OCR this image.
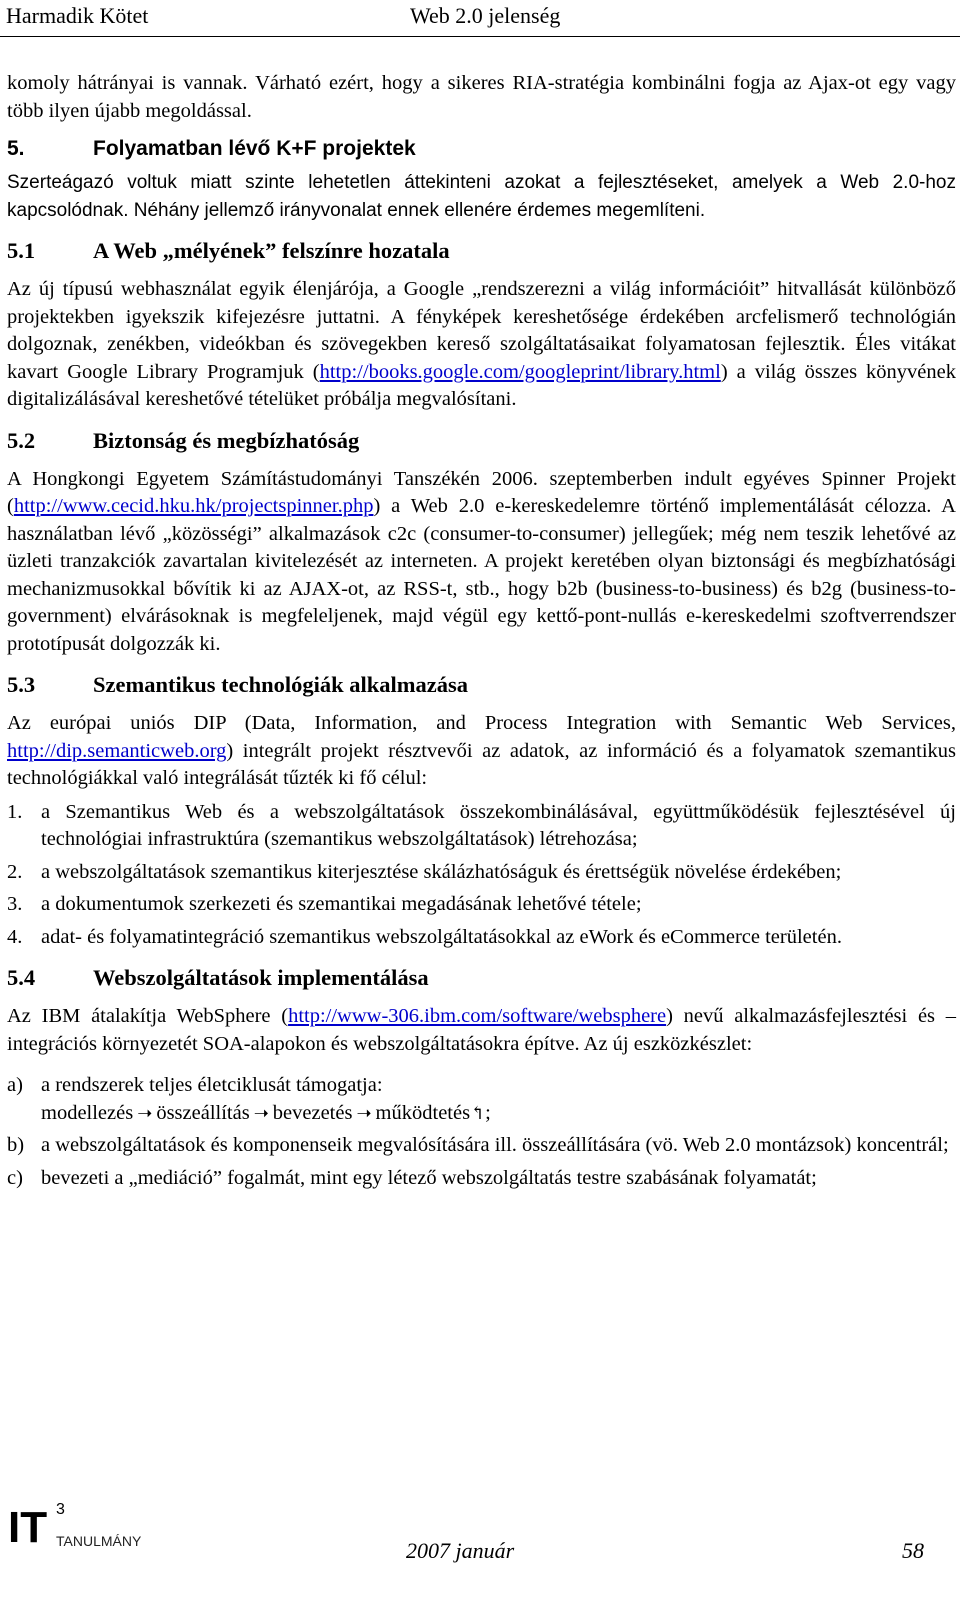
Harmadik Kötet	Web 2.0 jelenség

komoly hátrányai is vannak. Várható ezért, hogy a sikeres RIA-stratégia kombinálni fogja az Ajax-ot egy vagy több ilyen újabb megoldással.

5.	Folyamatban lévő K+F projektek

Szerteágazó voltuk miatt szinte lehetetlen áttekinteni azokat a fejlesztéseket, amelyek a Web 2.0-hoz kapcsolódnak. Néhány jellemző irányvonalat ennek ellenére érdemes megemlíteni.

5.1	A Web „mélyének” felszínre hozatala

Az új típusú webhasználat egyik élenjárója, a Google „rendszerezni a világ információit” hitvallását különböző projektekben igyekszik kifejezésre juttatni. A fényképek kereshetősége érdekében arcfelismerő technológián dolgoznak, zenékben, videókban és szövegekben kereső szolgáltatásaikat folyamatosan fejlesztik. Éles vitákat kavart Google Library Programjuk (http://books.google.com/googleprint/library.html) a világ összes könyvének digitalizálásával kereshetővé tételüket próbálja megvalósítani.

5.2	Biztonság és megbízhatóság

A Hongkongi Egyetem Számítástudományi Tanszékén 2006. szeptemberben indult egyéves Spinner Projekt (http://www.cecid.hku.hk/projectspinner.php) a Web 2.0 e-kereskedelemre történő implementálását célozza. A használatban lévő „közösségi” alkalmazások c2c (consumer-to-consumer) jellegűek; még nem teszik lehetővé az üzleti tranzakciók zavartalan kivitelezését az interneten. A projekt keretében olyan biztonsági és megbízhatósági mechanizmusokkal bővítik ki az AJAX-ot, az RSS-t, stb., hogy b2b (business-to-business) és b2g (business-to-government) elvárásoknak is megfeleljenek, majd végül egy kettő-pont-nullás e-kereskedelmi szoftverrendszer prototípusát dolgozzák ki.

5.3	Szemantikus technológiák alkalmazása

Az európai uniós DIP (Data, Information, and Process Integration with Semantic Web Services, http://dip.semanticweb.org) integrált projekt résztvevői az adatok, az információ és a folyamatok szemantikus technológiákkal való integrálását tűzték ki fő célul:

1. a Szemantikus Web és a webszolgáltatások összekombinálásával, együttműködésük fejlesztésével új technológiai infrastruktúra (szemantikus webszolgáltatások) létrehozása;
2. a webszolgáltatások szemantikus kiterjesztése skálázhatóságuk és érettségük növelése érdekében;
3. a dokumentumok szerkezeti és szemantikai megadásának lehetővé tétele;
4. adat- és folyamatintegráció szemantikus webszolgáltatásokkal az eWork és eCommerce területén.
5.4	Webszolgáltatások implementálása

Az IBM átalakítja WebSphere (http://www-306.ibm.com/software/websphere) nevű alkalmazásfejlesztési és –integrációs környezetét SOA-alapokon és webszolgáltatásokra építve. Az új eszközkészlet:

a) a rendszerek teljes életciklusát támogatja:
modellezés ➝ összeállítás ➝ bevezetés ➝ működtetés↰;
b) a webszolgáltatások és komponenseik megvalósítására ill. összeállítására (vö. Web 2.0 montázsok) koncentrál;
c) bevezeti a „mediáció” fogalmát, mint egy létező webszolgáltatás testre szabásának folyamatát;
IT 3
TANULMÁNY	2007 január	58
